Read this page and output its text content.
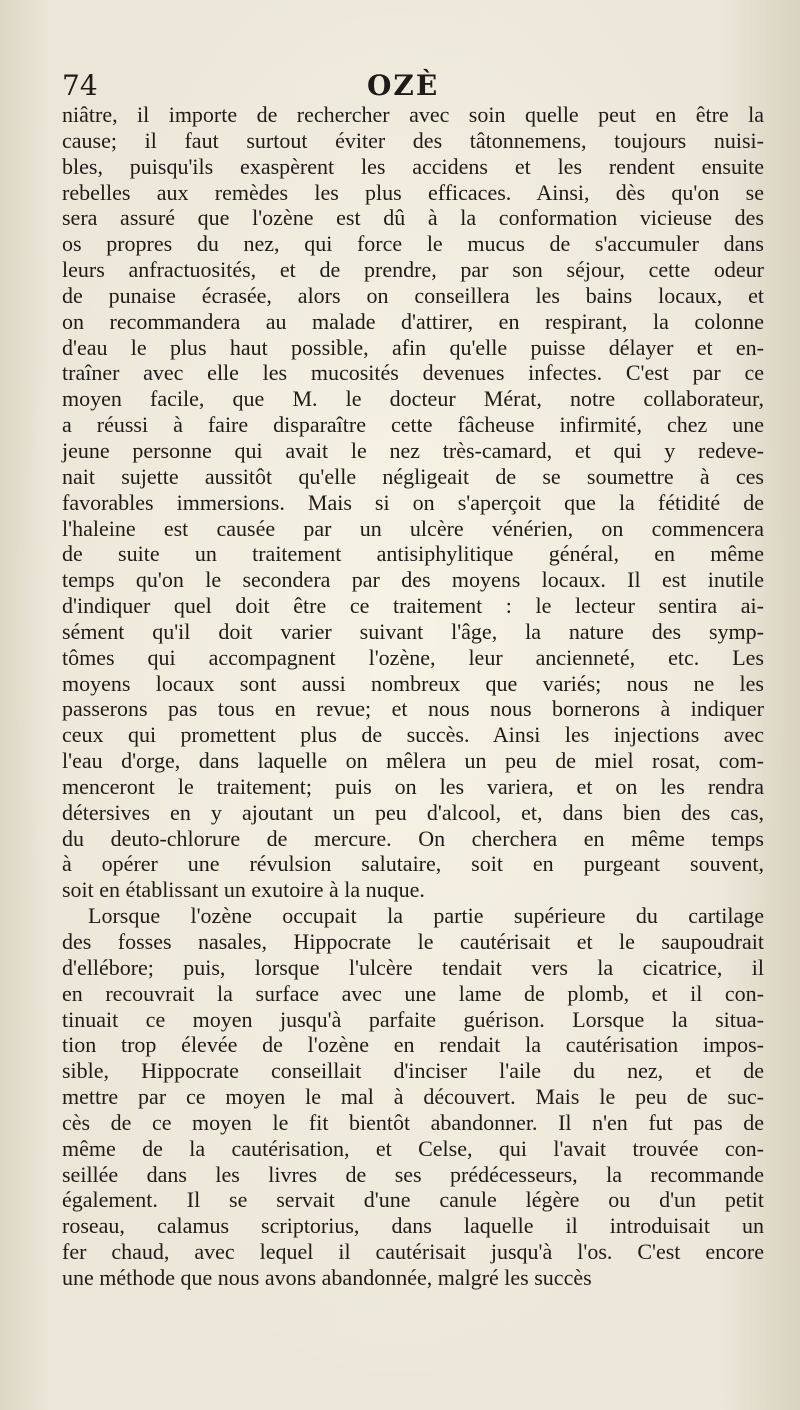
74	OZÈ
niâtre, il importe de rechercher avec soin quelle peut en être la
cause; il faut surtout éviter des tâtonnemens, toujours nuisi-
bles, puisqu'ils exaspèrent les accidens et les rendent ensuite
rebelles aux remèdes les plus efficaces. Ainsi, dès qu'on se
sera assuré que l'ozène est dû à la conformation vicieuse des
os propres du nez, qui force le mucus de s'accumuler dans
leurs anfractuosités, et de prendre, par son séjour, cette odeur
de punaise écrasée, alors on conseillera les bains locaux, et
on recommandera au malade d'attirer, en respirant, la colonne
d'eau le plus haut possible, afin qu'elle puisse délayer et en-
traîner avec elle les mucosités devenues infectes. C'est par ce
moyen facile, que M. le docteur Mérat, notre collaborateur,
a réussi à faire disparaître cette fâcheuse infirmité, chez une
jeune personne qui avait le nez très-camard, et qui y redeve-
nait sujette aussitôt qu'elle négligeait de se soumettre à ces
favorables immersions. Mais si on s'aperçoit que la fétidité de
l'haleine est causée par un ulcère vénérien, on commencera
de suite un traitement antisiphylitique général, en même
temps qu'on le secondera par des moyens locaux. Il est inutile
d'indiquer quel doit être ce traitement : le lecteur sentira ai-
sément qu'il doit varier suivant l'âge, la nature des symp-
tômes qui accompagnent l'ozène, leur ancienneté, etc. Les
moyens locaux sont aussi nombreux que variés; nous ne les
passerons pas tous en revue; et nous nous bornerons à indiquer
ceux qui promettent plus de succès. Ainsi les injections avec
l'eau d'orge, dans laquelle on mêlera un peu de miel rosat, com-
menceront le traitement; puis on les variera, et on les rendra
détersives en y ajoutant un peu d'alcool, et, dans bien des cas,
du deuto-chlorure de mercure. On cherchera en même temps
à opérer une révulsion salutaire, soit en purgeant souvent,
soit en établissant un exutoire à la nuque.
Lorsque l'ozène occupait la partie supérieure du cartilage
des fosses nasales, Hippocrate le cautérisait et le saupoudrait
d'ellébore; puis, lorsque l'ulcère tendait vers la cicatrice, il
en recouvrait la surface avec une lame de plomb, et il con-
tinuait ce moyen jusqu'à parfaite guérison. Lorsque la situa-
tion trop élevée de l'ozène en rendait la cautérisation impos-
sible, Hippocrate conseillait d'inciser l'aile du nez, et de
mettre par ce moyen le mal à découvert. Mais le peu de suc-
cès de ce moyen le fit bientôt abandonner. Il n'en fut pas de
même de la cautérisation, et Celse, qui l'avait trouvée con-
seillée dans les livres de ses prédécesseurs, la recommande
également. Il se servait d'une canule légère ou d'un petit
roseau, calamus scriptorius, dans laquelle il introduisait un
fer chaud, avec lequel il cautérisait jusqu'à l'os. C'est encore
une méthode que nous avons abandonnée, malgré les succès
